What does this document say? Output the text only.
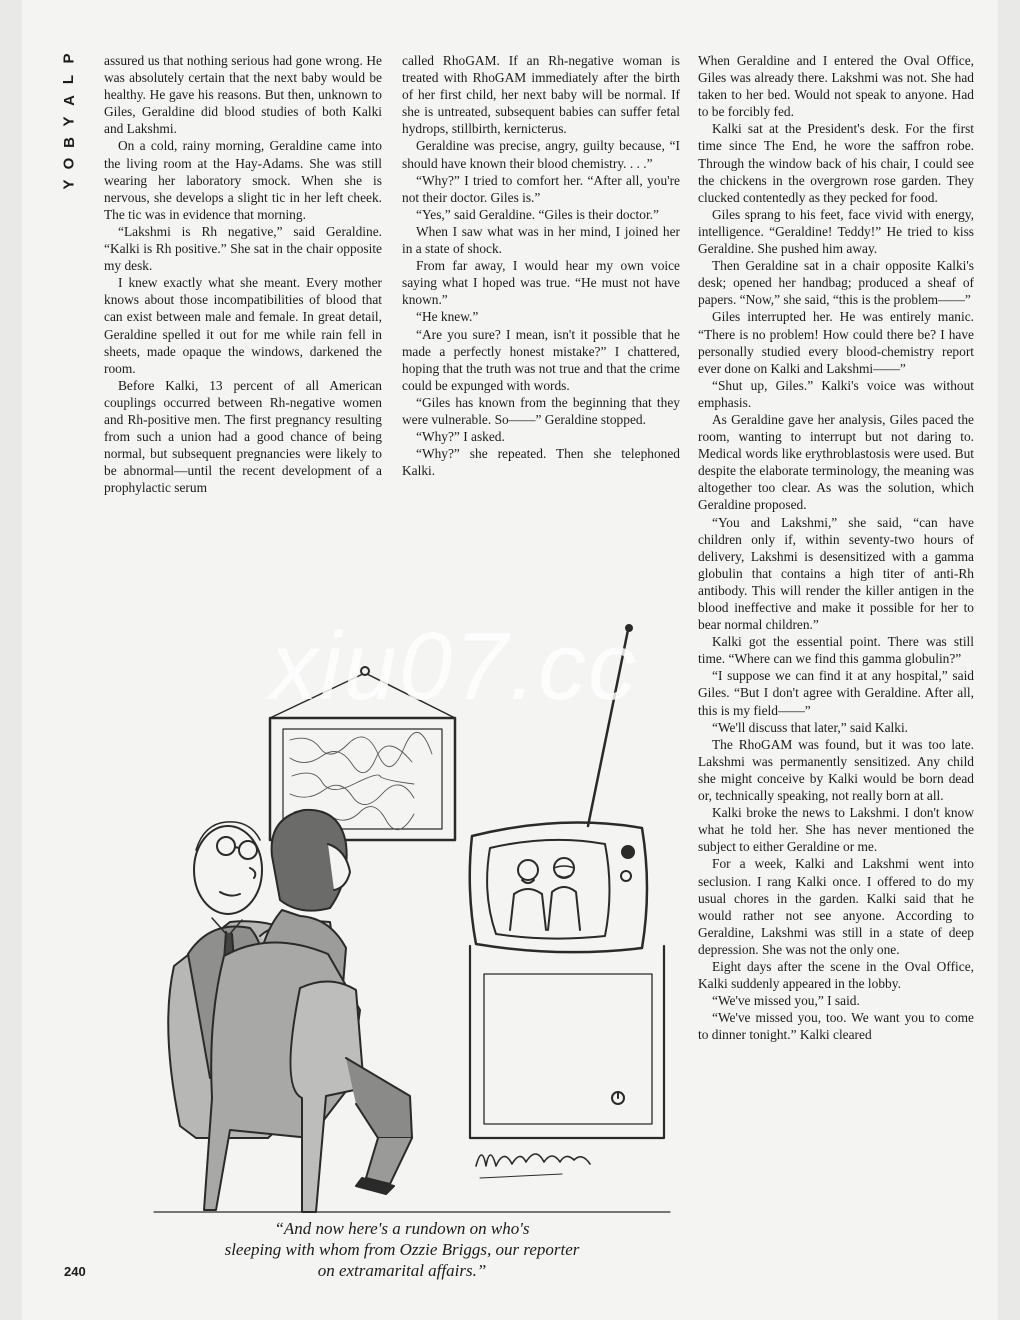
P
L
A
Y
B
O
Y

assured us that nothing serious had gone wrong. He was absolutely certain that the next baby would be healthy. He gave his reasons. But then, unknown to Giles, Geraldine did blood studies of both Kalki and Lakshmi.

On a cold, rainy morning, Geraldine came into the living room at the Hay-Adams. She was still wearing her laboratory smock. When she is nervous, she develops a slight tic in her left cheek. The tic was in evidence that morning.

“Lakshmi is Rh negative,” said Geraldine. “Kalki is Rh positive.” She sat in the chair opposite my desk.

I knew exactly what she meant. Every mother knows about those incompatibilities of blood that can exist between male and female. In great detail, Geraldine spelled it out for me while rain fell in sheets, made opaque the windows, darkened the room.

Before Kalki, 13 percent of all American couplings occurred between Rh-negative women and Rh-positive men. The first pregnancy resulting from such a union had a good chance of being normal, but subsequent pregnancies were likely to be abnormal—until the recent development of a prophylactic serum

called RhoGAM. If an Rh-negative woman is treated with RhoGAM immediately after the birth of her first child, her next baby will be normal. If she is untreated, subsequent babies can suffer fetal hydrops, stillbirth, kernicterus.

Geraldine was precise, angry, guilty because, “I should have known their blood chemistry. . . .”

“Why?” I tried to comfort her. “After all, you're not their doctor. Giles is.”

“Yes,” said Geraldine. “Giles is their doctor.”

When I saw what was in her mind, I joined her in a state of shock.

From far away, I would hear my own voice saying what I hoped was true. “He must not have known.”

“He knew.”

“Are you sure? I mean, isn't it possible that he made a perfectly honest mistake?” I chattered, hoping that the truth was not true and that the crime could be expunged with words.

“Giles has known from the beginning that they were vulnerable. So——” Geraldine stopped.

“Why?” I asked.

“Why?” she repeated. Then she telephoned Kalki.

When Geraldine and I entered the Oval Office, Giles was already there. Lakshmi was not. She had taken to her bed. Would not speak to anyone. Had to be forcibly fed.

Kalki sat at the President's desk. For the first time since The End, he wore the saffron robe. Through the window back of his chair, I could see the chickens in the overgrown rose garden. They clucked contentedly as they pecked for food.

Giles sprang to his feet, face vivid with energy, intelligence. “Geraldine! Teddy!” He tried to kiss Geraldine. She pushed him away.

Then Geraldine sat in a chair opposite Kalki's desk; opened her handbag; produced a sheaf of papers. “Now,” she said, “this is the problem——”

Giles interrupted her. He was entirely manic. “There is no problem! How could there be? I have personally studied every blood-chemistry report ever done on Kalki and Lakshmi——”

“Shut up, Giles.” Kalki's voice was without emphasis.

As Geraldine gave her analysis, Giles paced the room, wanting to interrupt but not daring to. Medical words like erythroblastosis were used. But despite the elaborate terminology, the meaning was altogether too clear. As was the solution, which Geraldine proposed.

“You and Lakshmi,” she said, “can have children only if, within seventy-two hours of delivery, Lakshmi is desensitized with a gamma globulin that contains a high titer of anti-Rh antibody. This will render the killer antigen in the blood ineffective and make it possible for her to bear normal children.”

Kalki got the essential point. There was still time. “Where can we find this gamma globulin?”

“I suppose we can find it at any hospital,” said Giles. “But I don't agree with Geraldine. After all, this is my field——”

“We'll discuss that later,” said Kalki.

The RhoGAM was found, but it was too late. Lakshmi was permanently sensitized. Any child she might conceive by Kalki would be born dead or, technically speaking, not really born at all.

Kalki broke the news to Lakshmi. I don't know what he told her. She has never mentioned the subject to either Geraldine or me.

For a week, Kalki and Lakshmi went into seclusion. I rang Kalki once. I offered to do my usual chores in the garden. Kalki said that he would rather not see anyone. According to Geraldine, Lakshmi was still in a state of deep depression. She was not the only one.

Eight days after the scene in the Oval Office, Kalki suddenly appeared in the lobby.

“We've missed you,” I said.

“We've missed you, too. We want you to come to dinner tonight.” Kalki cleared

“And now here's a rundown on who's
sleeping with whom from Ozzie Briggs, our reporter
on extramarital affairs.”
240
xiu07.cc
